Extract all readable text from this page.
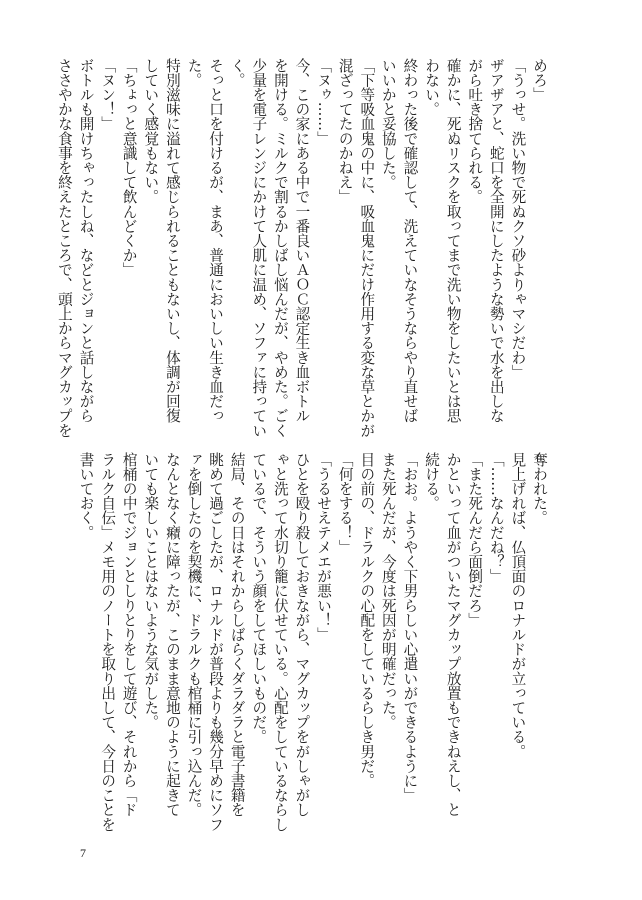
めろ」
「うっせ。洗い物で死ぬクソ砂よりゃマシだわ」
ザアザアと、蛇口を全開にしたような勢いで水を出しな
がら吐き捨てられる。
確かに、死ぬリスクを取ってまで洗い物をしたいとは思
わない。
終わった後で確認して、洗えていなそうならやり直せば
いいかと妥協した。
「下等吸血鬼の中に、吸血鬼にだけ作用する変な草とかが
混ざってたのかねえ」
「ヌゥ……」
今、この家にある中で一番良いＡＯＣ認定生き血ボトル
を開ける。ミルクで割るかしばし悩んだが、やめた。ごく
少量を電子レンジにかけて人肌に温め、ソファに持ってい
く。
そっと口を付けるが、まあ、普通においしい生き血だっ
た。
特別滋味に溢れて感じられることもないし、体調が回復
していく感覚もない。
「ちょっと意識して飲んどくか」
「ヌン！」
ボトルも開けちゃったしね、などとジョンと話しながら
ささやかな食事を終えたところで、頭上からマグカップを
奪われた。
見上げれば、仏頂面のロナルドが立っている。
「……なんだね？」
「また死んだら面倒だろ」
かといって血がついたマグカップ放置もできねえし、と
続ける。
「おお。ようやく下男らしい心遣いができるように」
また死んだが、今度は死因が明確だった。
目の前の、ドラルクの心配をしているらしき男だ。
「何をする！」
「うるせえテメエが悪い！」
ひとを殴り殺しておきながら、マグカップをがしゃがし
ゃと洗って水切り籠に伏せている。心配をしているならし
ているで、そういう顔をしてほしいものだ。
結局、その日はそれからしばらくダラダラと電子書籍を
眺めて過ごしたが、ロナルドが普段よりも幾分早めにソフ
ァを倒したのを契機に、ドラルクも棺桶に引っ込んだ。
なんとなく癪に障ったが、このまま意地のように起きて
いても楽しいことはないような気がした。
棺桶の中でジョンとしりとりをして遊び、それから「ド
ラルク自伝」メモ用のノートを取り出して、今日のことを
書いておく。
7
